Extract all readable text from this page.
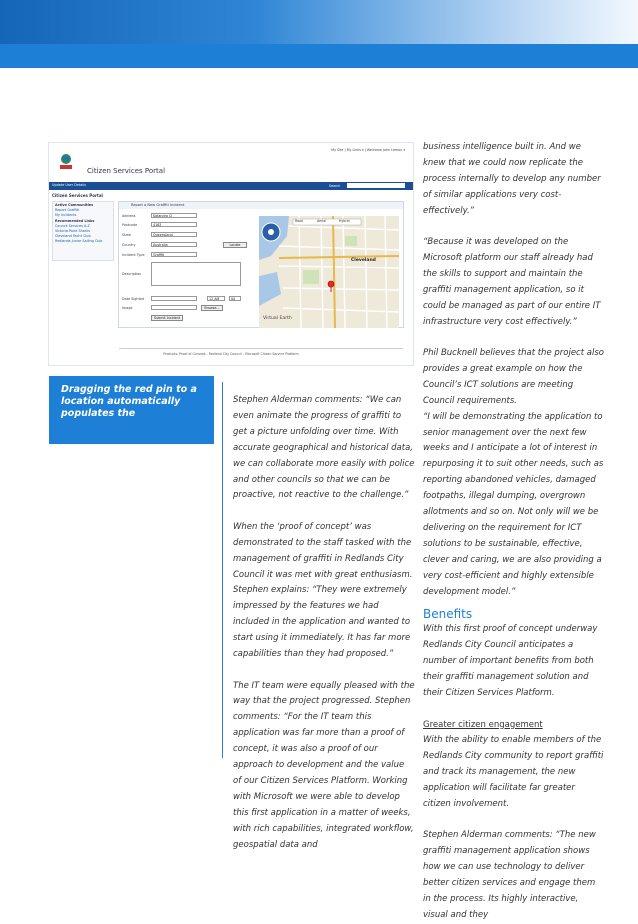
My Site | My Links ▾ | Welcome John Lemon ▾
Citizen Services Portal
Update User Details	Search
Citizen Services Portal
Active Communities
Report Graffiti
My Incidents
Recommended Links
Council Services A-Z
Victoria Point Sharks
Cleveland Yacht Club
Redlands Junior Sailing Club
Report a New Graffiti Incident
Address	Katandra Cl
Postcode	4163
State	Queensland
Country	Australia	Locate
Incident Type	Graffiti
Description
Date Sighted	12 AM	00
Image	Browse...
Submit Incident
Road	Aerial	Hybrid
Cleveland
Virtual Earth
Products: Proof of Concept - Redland City Council - Microsoft Citizen Service Platform
Dragging the red pin to a location automatically populates the

Stephen Alderman comments: “We can even animate the progress of graffiti to get a picture unfolding over time. With accurate geographical and historical data, we can collaborate more easily with police and other councils so that we can be proactive, not reactive to the challenge.”

When the ‘proof of concept’ was demonstrated to the staff tasked with the management of graffiti in Redlands City Council it was met with great enthusiasm. Stephen explains: “They were extremely impressed by the features we had included in the application and wanted to start using it immediately. It has far more capabilities than they had proposed.”

The IT team were equally pleased with the way that the project progressed. Stephen comments: “For the IT team this application was far more than a proof of concept, it was also a proof of our approach to development and the value of our Citizen Services Platform. Working with Microsoft we were able to develop this first application in a matter of weeks, with rich capabilities, integrated workflow, geospatial data and

business intelligence built in. And we knew that we could now replicate the process internally to develop any number of similar applications very cost-effectively.”

“Because it was developed on the Microsoft platform our staff already had the skills to support and maintain the graffiti management application, so it could be managed as part of our entire IT infrastructure very cost effectively.”

Phil Bucknell believes that the project also provides a great example on how the Council’s ICT solutions are meeting Council requirements.

“I will be demonstrating the application to senior management over the next few weeks and I anticipate a lot of interest in repurposing it to suit other needs, such as reporting abandoned vehicles, damaged footpaths, illegal dumping, overgrown allotments and so on. Not only will we be delivering on the requirement for ICT solutions to be sustainable, effective, clever and caring, we are also providing a very cost-efficient and highly extensible development model.”

Benefits

With this first proof of concept underway Redlands City Council anticipates a number of important benefits from both their graffiti management solution and their Citizen Services Platform.

Greater citizen engagement

With the ability to enable members of the Redlands City community to report graffiti and track its management, the new application will facilitate far greater citizen involvement.

Stephen Alderman comments: “The new graffiti management application shows how we can use technology to deliver better citizen services and engage them in the process. Its highly interactive, visual and they
